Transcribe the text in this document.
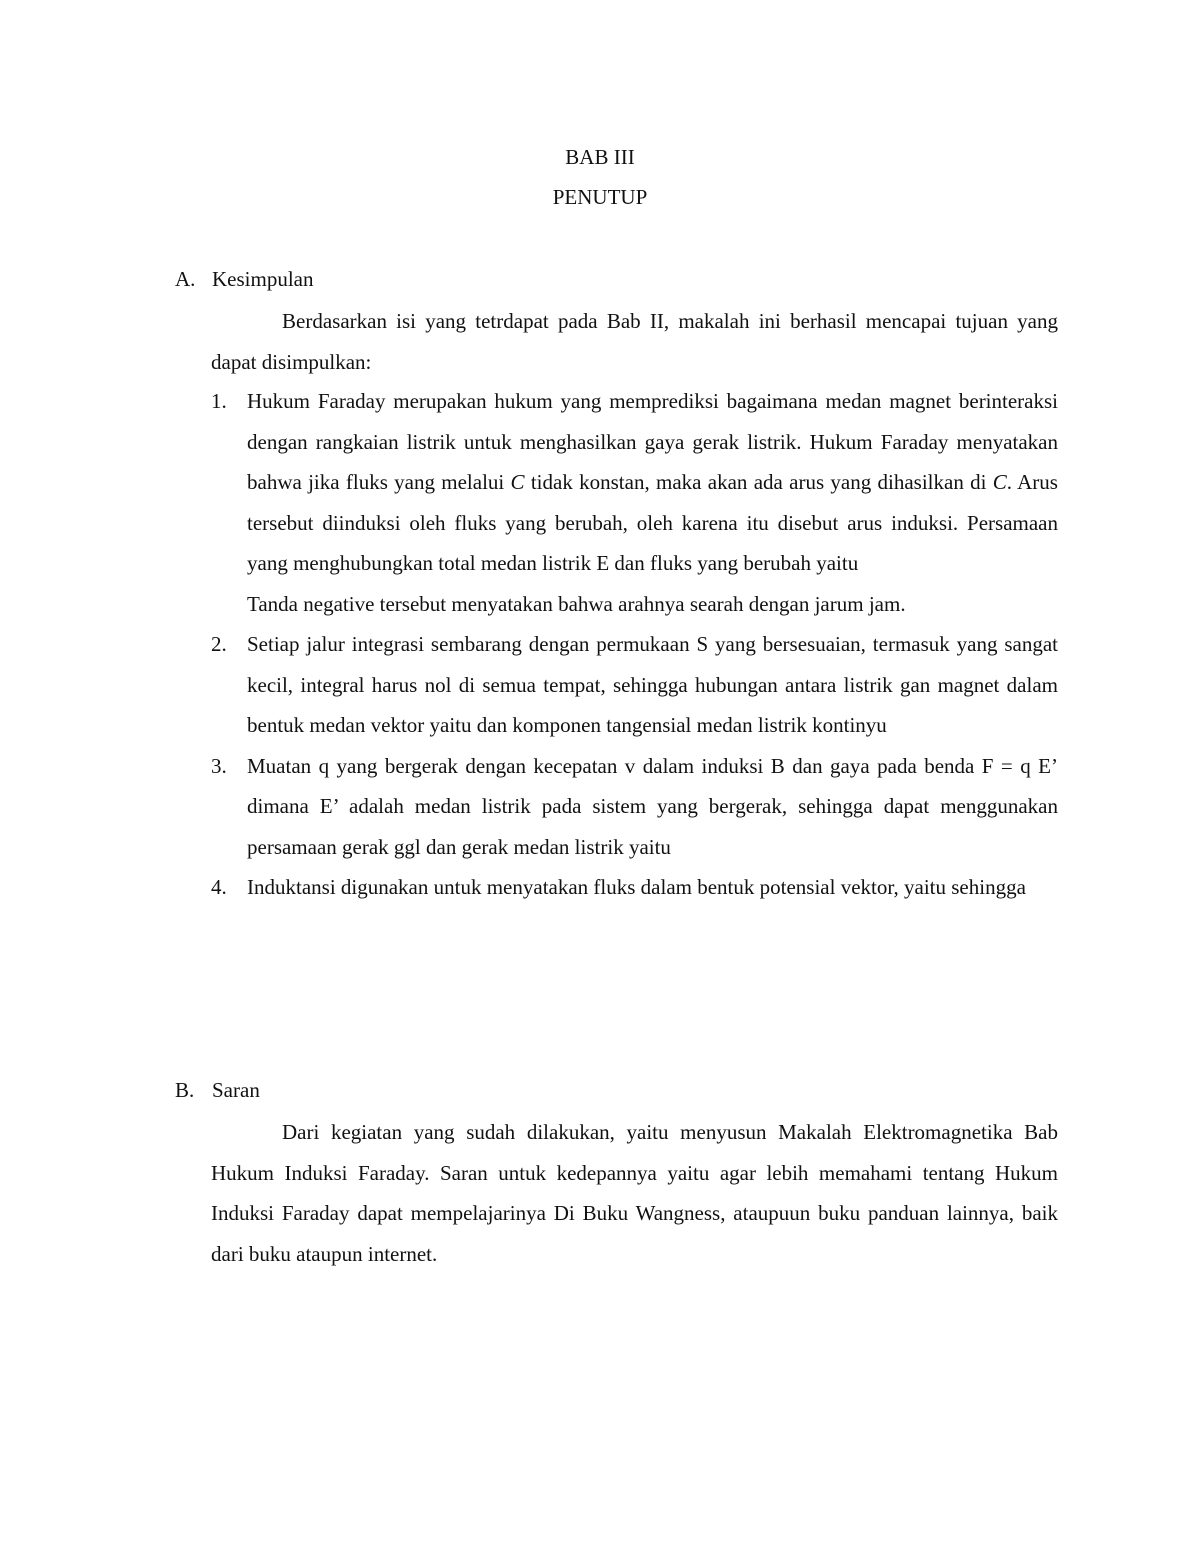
BAB III
PENUTUP
A. Kesimpulan

Berdasarkan isi yang tetrdapat pada Bab II, makalah ini berhasil mencapai tujuan yang dapat disimpulkan:

1. Hukum Faraday merupakan hukum yang memprediksi bagaimana medan magnet berinteraksi dengan rangkaian listrik untuk menghasilkan gaya gerak listrik. Hukum Faraday menyatakan bahwa jika fluks yang melalui C tidak konstan, maka akan ada arus yang dihasilkan di C. Arus tersebut diinduksi oleh fluks yang berubah, oleh karena itu disebut arus induksi. Persamaan yang menghubungkan total medan listrik E dan fluks yang berubah yaitu
Tanda negative tersebut menyatakan bahwa arahnya searah dengan jarum jam.
2. Setiap jalur integrasi sembarang dengan permukaan S yang bersesuaian, termasuk yang sangat kecil, integral harus nol di semua tempat, sehingga hubungan antara listrik gan magnet dalam bentuk medan vektor yaitu dan komponen tangensial medan listrik kontinyu
3. Muatan q yang bergerak dengan kecepatan v dalam induksi B dan gaya pada benda F = q E’ dimana E’ adalah medan listrik pada sistem yang bergerak, sehingga dapat menggunakan persamaan gerak ggl dan gerak medan listrik yaitu
4. Induktansi digunakan untuk menyatakan fluks dalam bentuk potensial vektor, yaitu sehingga
B. Saran

Dari kegiatan yang sudah dilakukan, yaitu menyusun Makalah Elektromagnetika Bab Hukum Induksi Faraday. Saran untuk kedepannya yaitu agar lebih memahami tentang Hukum Induksi Faraday dapat mempelajarinya Di Buku Wangness, ataupuun buku panduan lainnya, baik dari buku ataupun internet.
